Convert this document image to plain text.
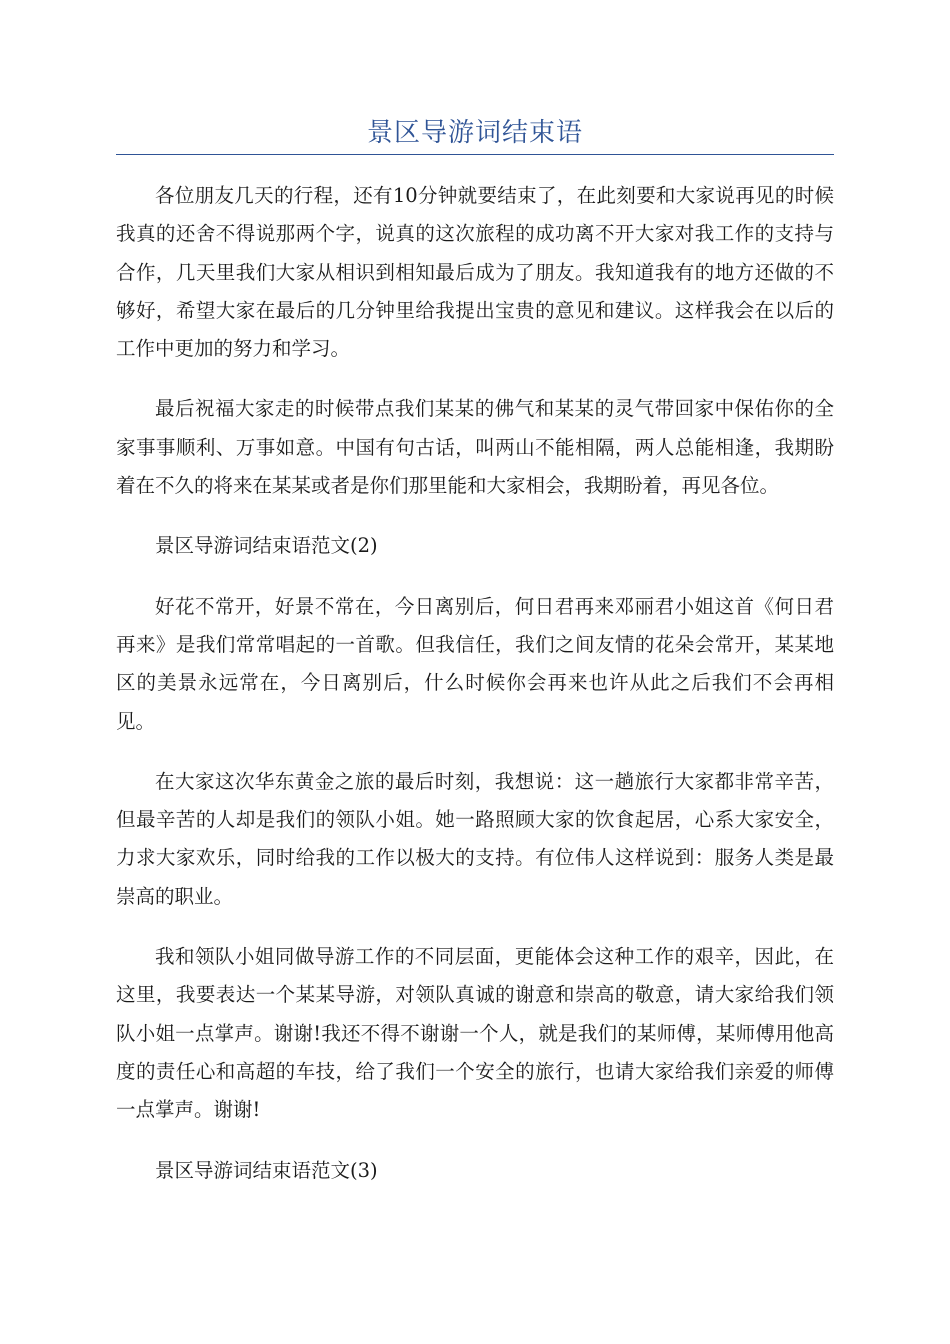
景区导游词结束语

各位朋友几天的行程，还有10分钟就要结束了，在此刻要和大家说再见的时候我真的还舍不得说那两个字，说真的这次旅程的成功离不开大家对我工作的支持与合作，几天里我们大家从相识到相知最后成为了朋友。我知道我有的地方还做的不够好，希望大家在最后的几分钟里给我提出宝贵的意见和建议。这样我会在以后的工作中更加的努力和学习。

最后祝福大家走的时候带点我们某某的佛气和某某的灵气带回家中保佑你的全家事事顺利、万事如意。中国有句古话，叫两山不能相隔，两人总能相逢，我期盼着在不久的将来在某某或者是你们那里能和大家相会，我期盼着，再见各位。

景区导游词结束语范文(2)

好花不常开，好景不常在，今日离别后，何日君再来邓丽君小姐这首《何日君再来》是我们常常唱起的一首歌。但我信任，我们之间友情的花朵会常开，某某地区的美景永远常在，今日离别后，什么时候你会再来也许从此之后我们不会再相见。

在大家这次华东黄金之旅的最后时刻，我想说：这一趟旅行大家都非常辛苦，但最辛苦的人却是我们的领队小姐。她一路照顾大家的饮食起居，心系大家安全，力求大家欢乐，同时给我的工作以极大的支持。有位伟人这样说到：服务人类是最崇高的职业。

我和领队小姐同做导游工作的不同层面，更能体会这种工作的艰辛，因此，在这里，我要表达一个某某导游，对领队真诚的谢意和崇高的敬意，请大家给我们领队小姐一点掌声。谢谢!我还不得不谢谢一个人，就是我们的某师傅，某师傅用他高度的责任心和高超的车技，给了我们一个安全的旅行，也请大家给我们亲爱的师傅一点掌声。谢谢!

景区导游词结束语范文(3)
